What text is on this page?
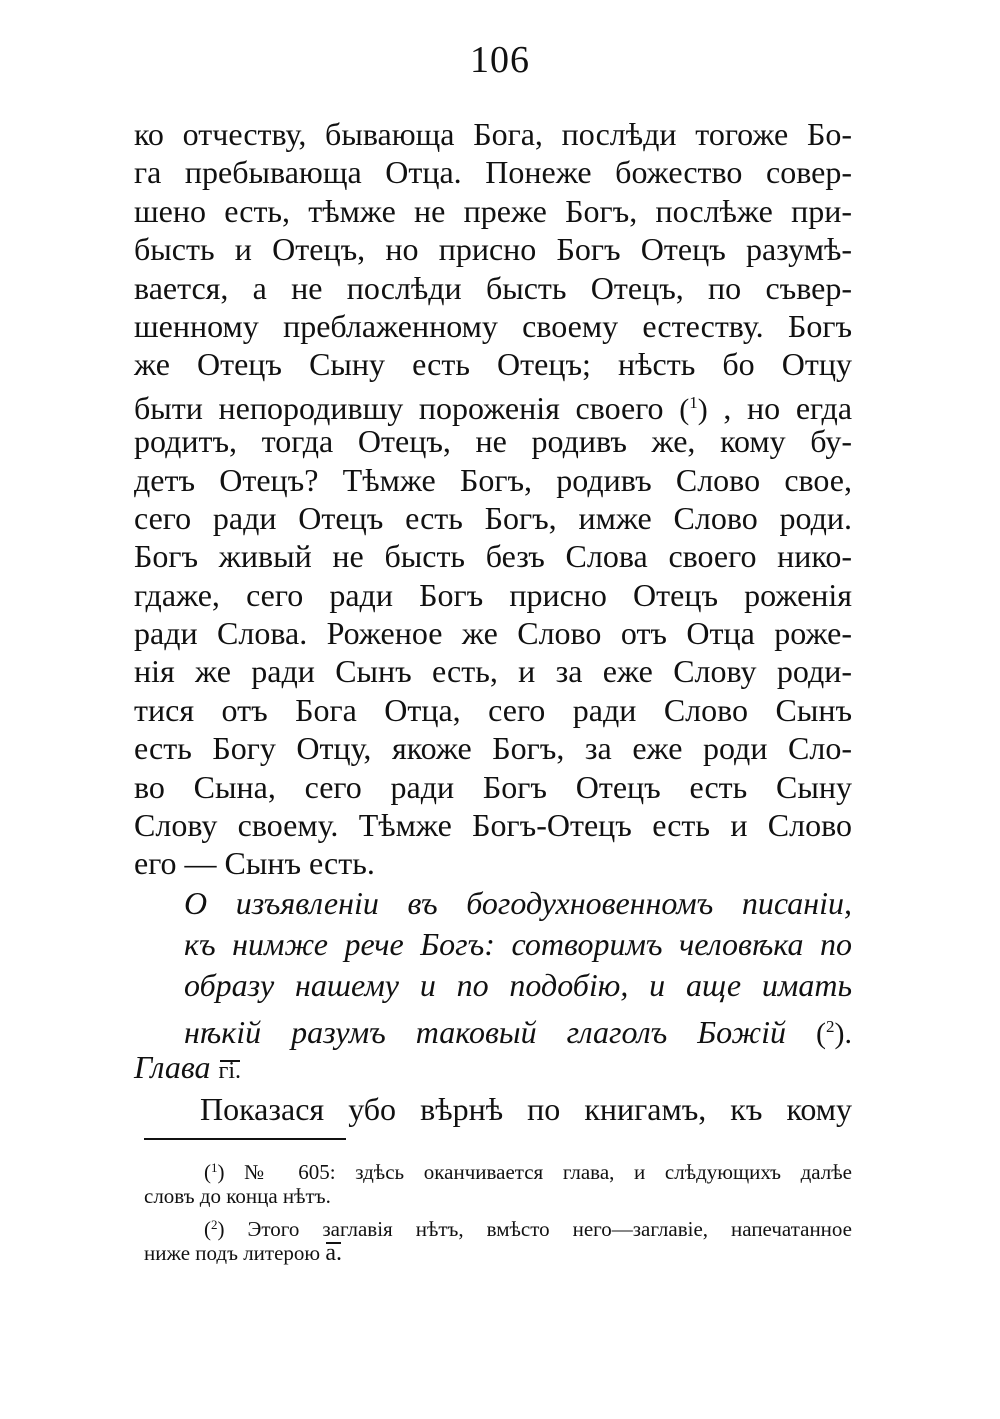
106
ко отчеству, бывающа Бога, послѣди тогоже Бо-
га пребывающа Отца. Понеже божество совер-
шено есть, тѣмже не преже Богъ, послѣже при-
бысть и Отецъ, но присно Богъ Отецъ разумѣ-
вается, а не послѣди бысть Отецъ, по съвер-
шенному преблаженному своему естеству. Богъ
же Отецъ Сыну есть Отецъ; нѣсть бо Отцу
быти непородившу пороженія своего ($^1$) , но егда
родитъ, тогда Отецъ, не родивъ же, кому бу-
детъ Отецъ? Тѣмже Богъ, родивъ Слово свое,
сего ради Отецъ есть Богъ, имже Слово роди.
Богъ живый не бысть безъ Слова своего нико-
гдаже, сего ради Богъ присно Отецъ роженія
ради Слова. Роженое же Слово отъ Отца роже-
нія же ради Сынъ есть, и за еже Слову роди-
тися отъ Бога Отца, сего ради Слово Сынъ
есть Богу Отцу, якоже Богъ, за еже роди Сло-
во Сына, сего ради Богъ Отецъ есть Сыну
Слову своему. Тѣмже Богъ-Отецъ есть и Слово
его — Сынъ есть.
О изъявленіи въ богодухновенномъ писаніи,
къ нимже рече Богъ: сотворимъ человѣка по
образу нашему и по подобію, и аще имать
нѣкій разумъ таковый глаголъ Божій ($^2$).
Глава гі.
Показася убо вѣрнѣ по книгамъ, къ кому
($^1$) № 605: здѣсь оканчивается глава, и слѣдующихъ далѣе
словъ до конца нѣтъ.
($^2$) Этого заглавія нѣтъ, вмѣсто него—заглавіе, напечатанное
ниже подъ литерою а.
